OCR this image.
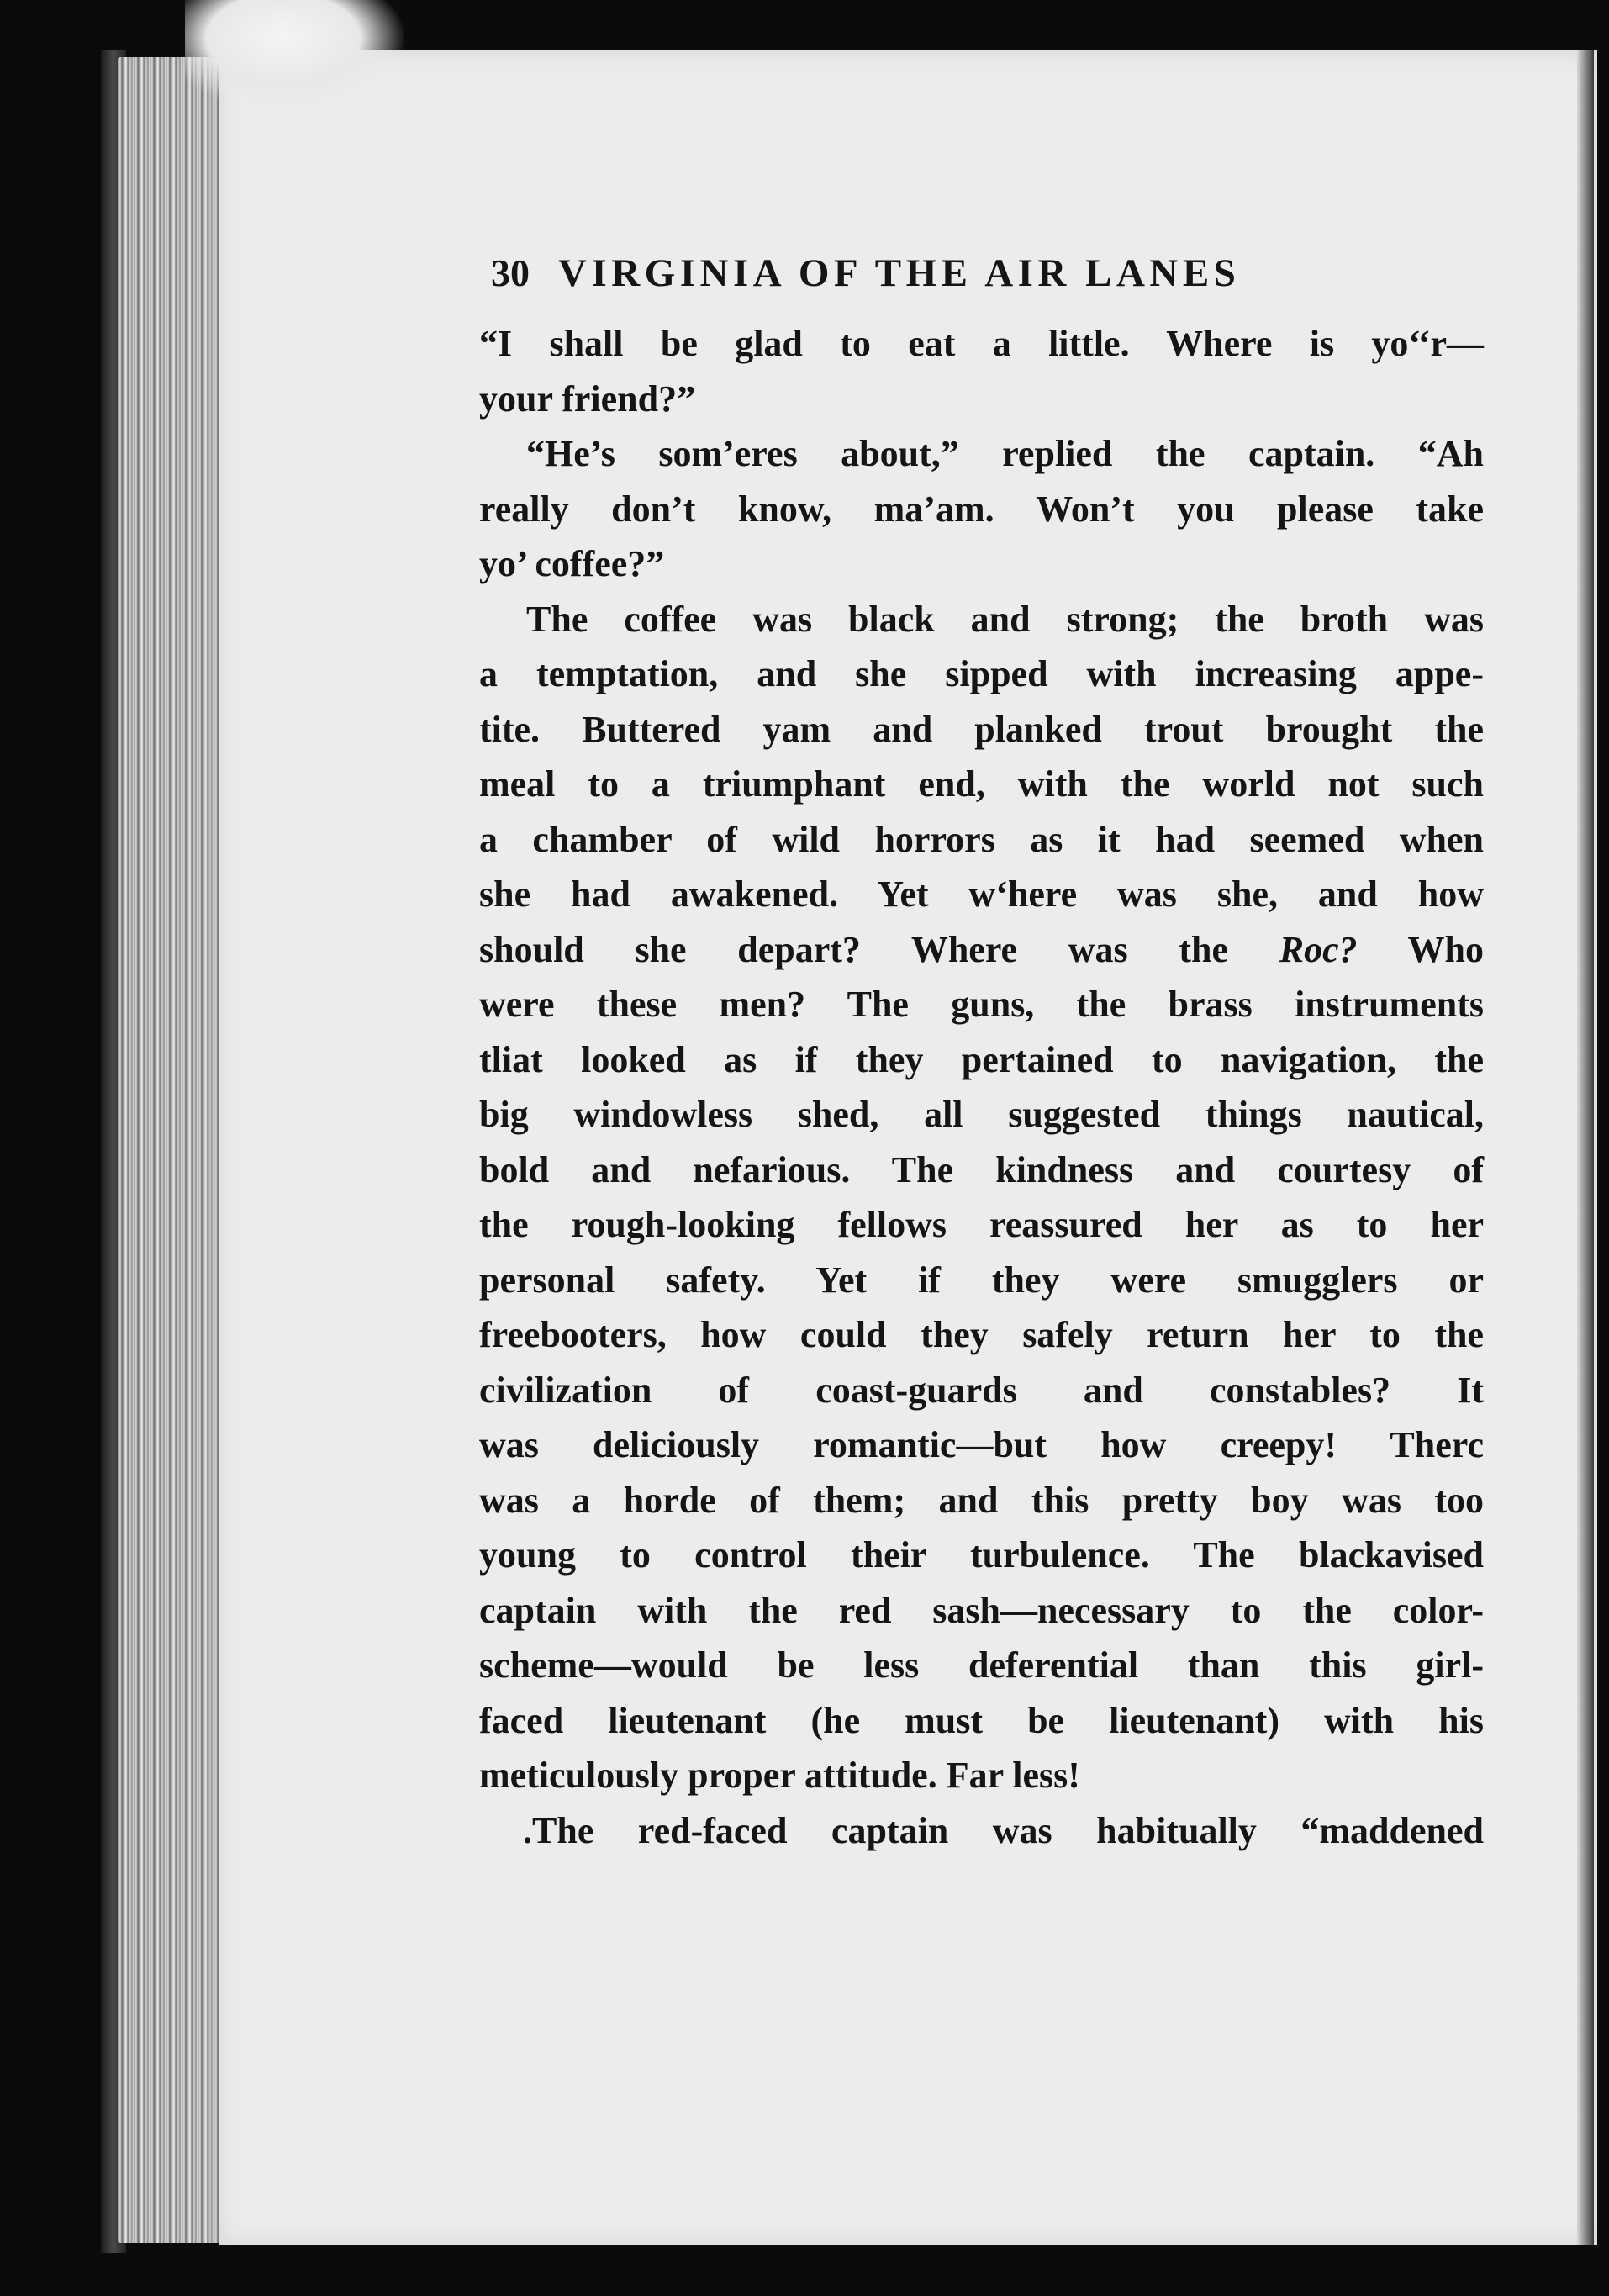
30 VIRGINIA OF THE AIR LANES
“I shall be glad to eat a little. Where is yo‘‘r—
your friend?”
“He’s som’eres about,” replied the captain. “Ah
really don’t know, ma’am. Won’t you please take
yo’ coffee?”
The coffee was black and strong; the broth was
a temptation, and she sipped with increasing appe-
tite. Buttered yam and planked trout brought the
meal to a triumphant end, with the world not such
a chamber of wild horrors as it had seemed when
she had awakened. Yet w‘here was she, and how
should she depart? Where was the Roc? Who
were these men? The guns, the brass instruments
tliat looked as if they pertained to navigation, the
big windowless shed, all suggested things nautical,
bold and nefarious. The kindness and courtesy of
the rough-looking fellows reassured her as to her
personal safety. Yet if they were smugglers or
freebooters, how could they safely return her to the
civilization of coast-guards and constables? It
was deliciously romantic—but how creepy! Therc
was a horde of them; and this pretty boy was too
young to control their turbulence. The blackavised
captain with the red sash—necessary to the color-
scheme—would be less deferential than this girl-
faced lieutenant (he must be lieutenant) with his
meticulously proper attitude. Far less!
.The red-faced captain was habitually “maddened
